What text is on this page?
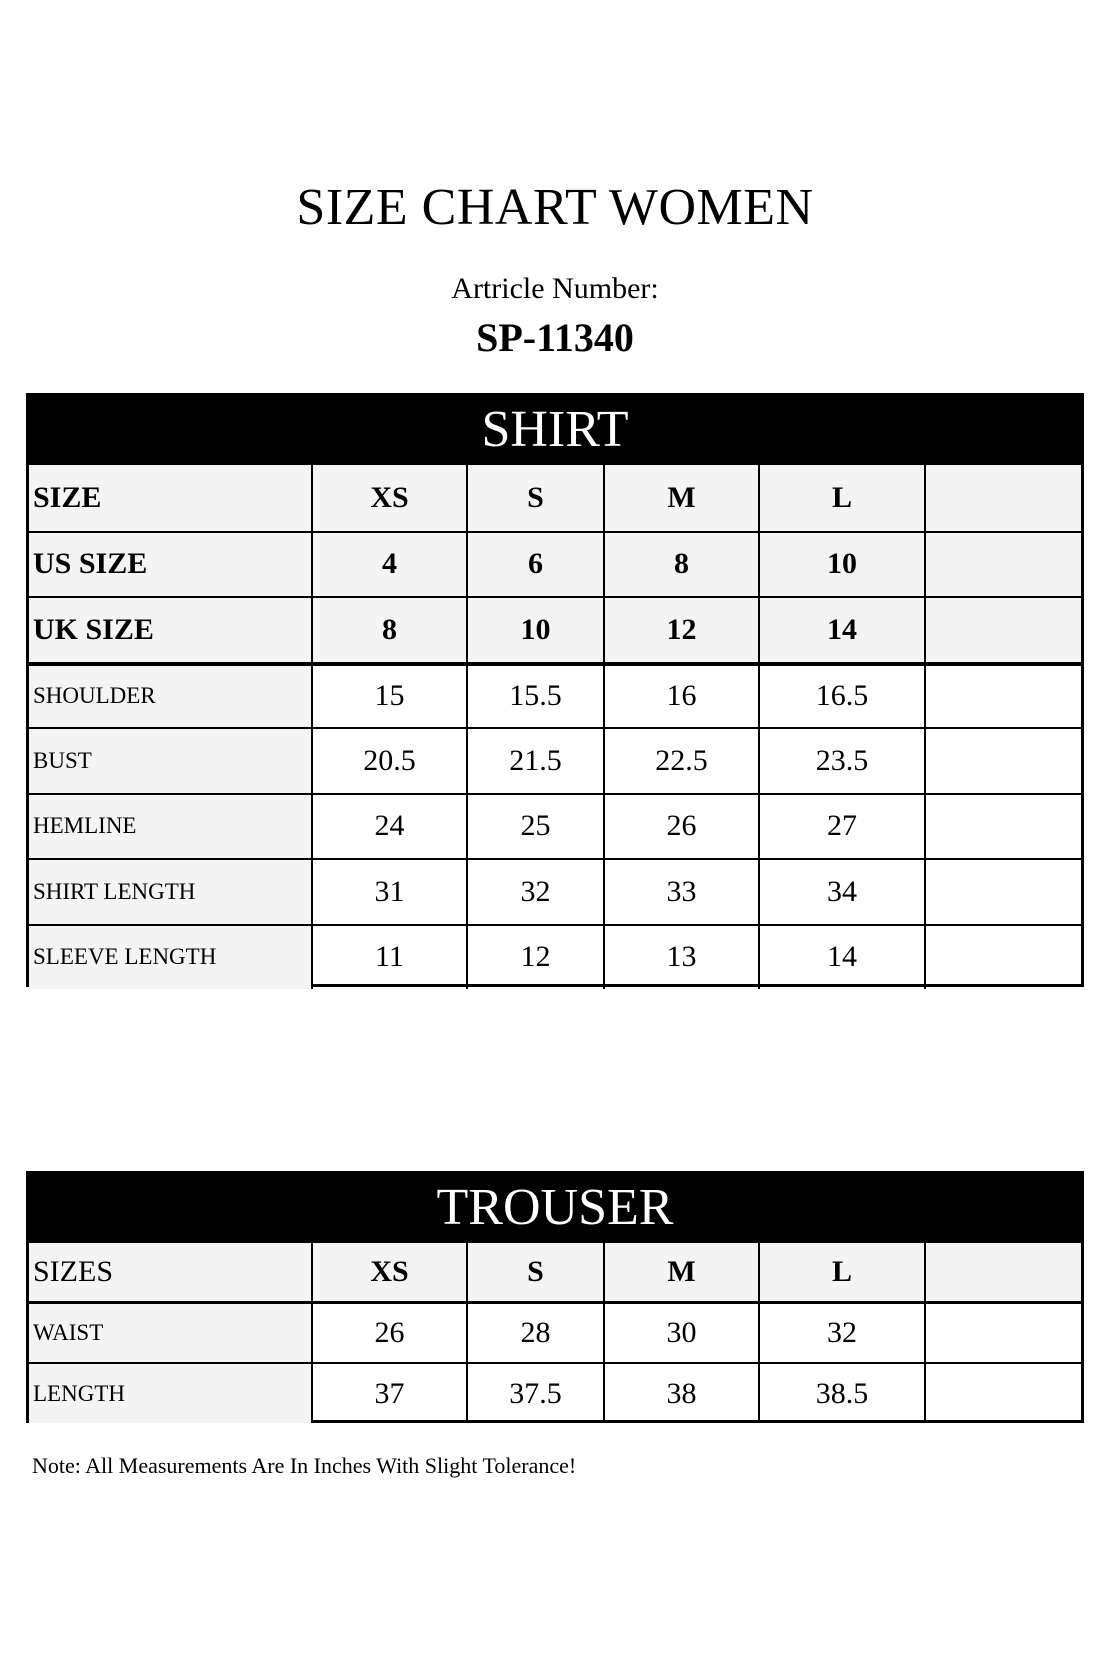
SIZE CHART WOMEN
Artricle Number:
SP-11340
SHIRT
SIZE	XS	S	M	L
US SIZE	4	6	8	10
UK SIZE	8	10	12	14
SHOULDER	15	15.5	16	16.5
BUST	20.5	21.5	22.5	23.5
HEMLINE	24	25	26	27
SHIRT LENGTH	31	32	33	34
SLEEVE LENGTH	11	12	13	14
TROUSER
SIZES	XS	S	M	L
WAIST	26	28	30	32
LENGTH	37	37.5	38	38.5
Note: All Measurements Are In Inches With Slight Tolerance!
